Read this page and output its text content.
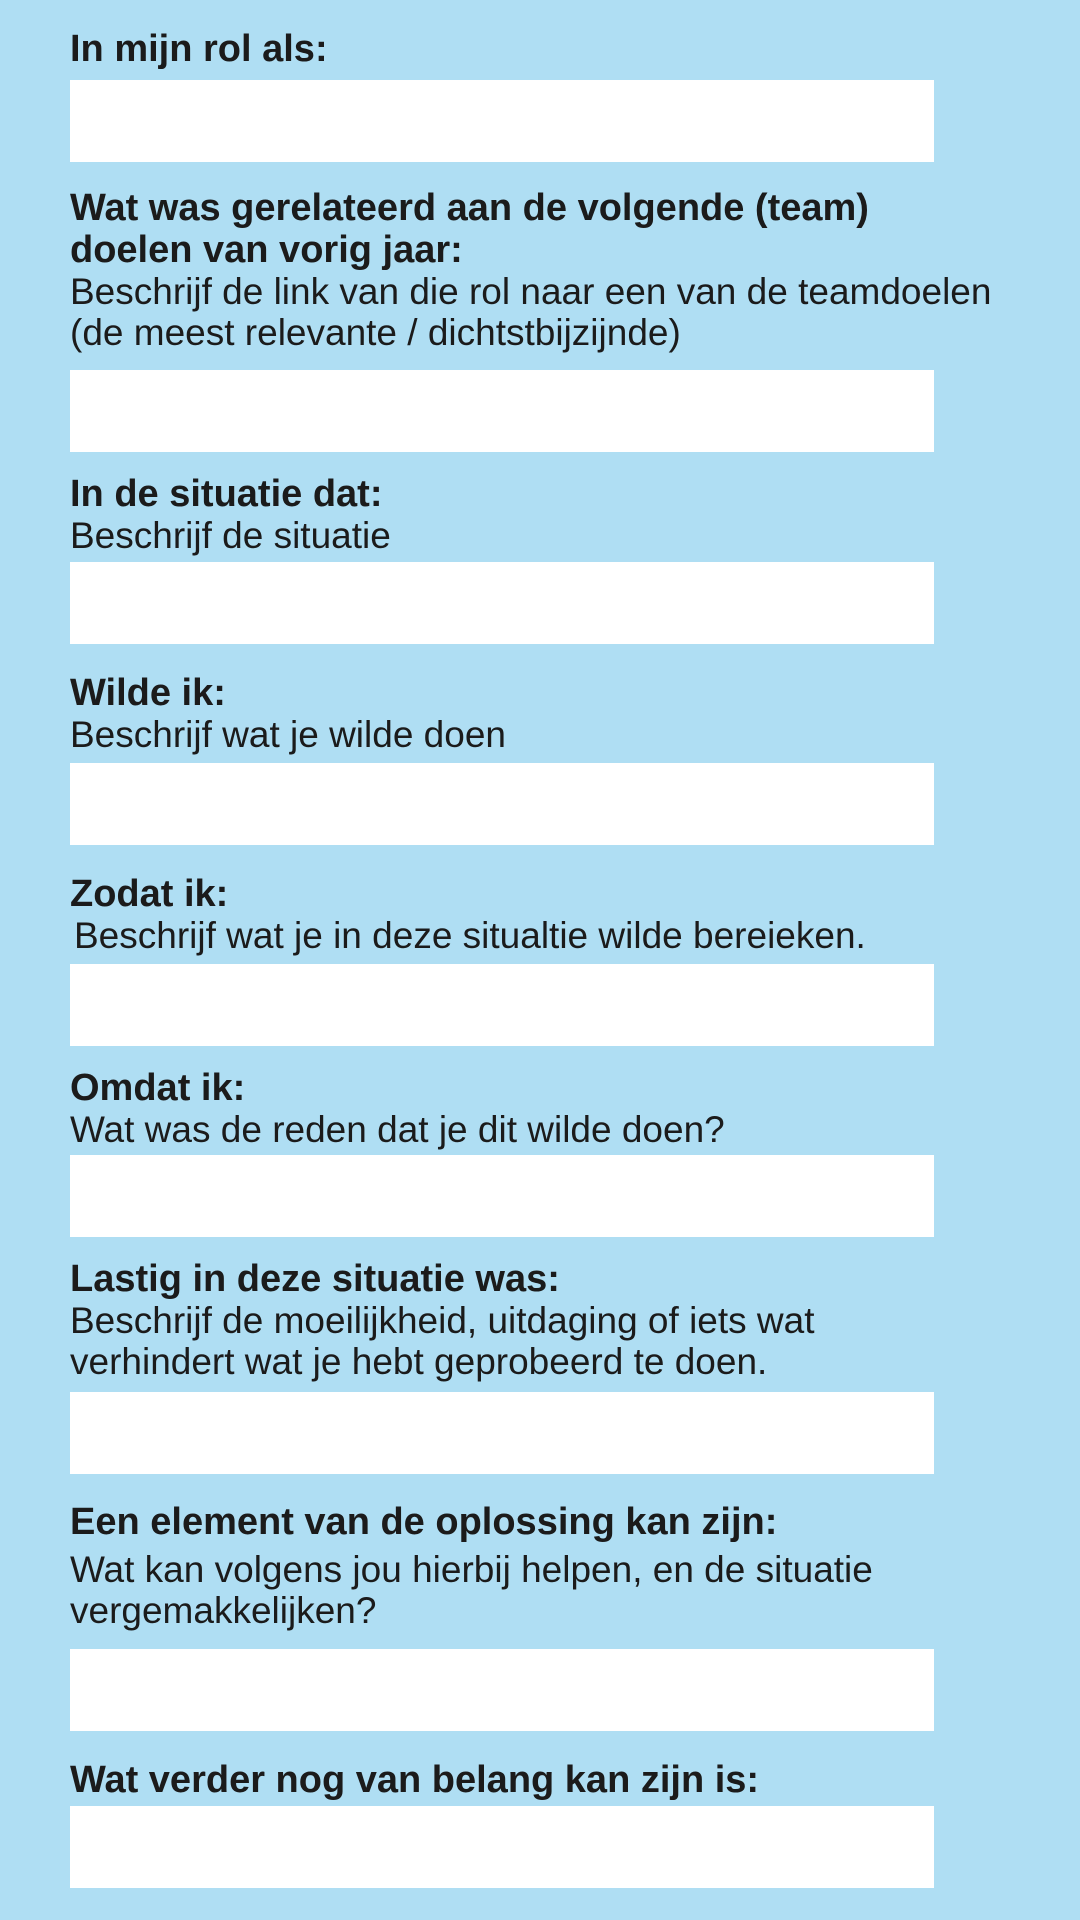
In mijn rol als:

Wat was gerelateerd aan de volgende (team) doelen van vorig jaar:

Beschrijf de link van die rol naar een van de teamdoelen (de meest relevante / dichtstbijzijnde)

In de situatie dat:

Beschrijf de situatie

Wilde ik:

Beschrijf wat je wilde doen

Zodat ik:

Beschrijf wat je in deze situaltie wilde bereieken.

Omdat ik:

Wat was de reden dat je dit wilde doen?

Lastig in deze situatie was:

Beschrijf de moeilijkheid, uitdaging of iets wat verhindert wat je hebt geprobeerd te doen.

Een element van de oplossing kan zijn:

Wat kan volgens jou hierbij helpen, en de situatie vergemakkelijken?

Wat verder nog van belang kan zijn is:
